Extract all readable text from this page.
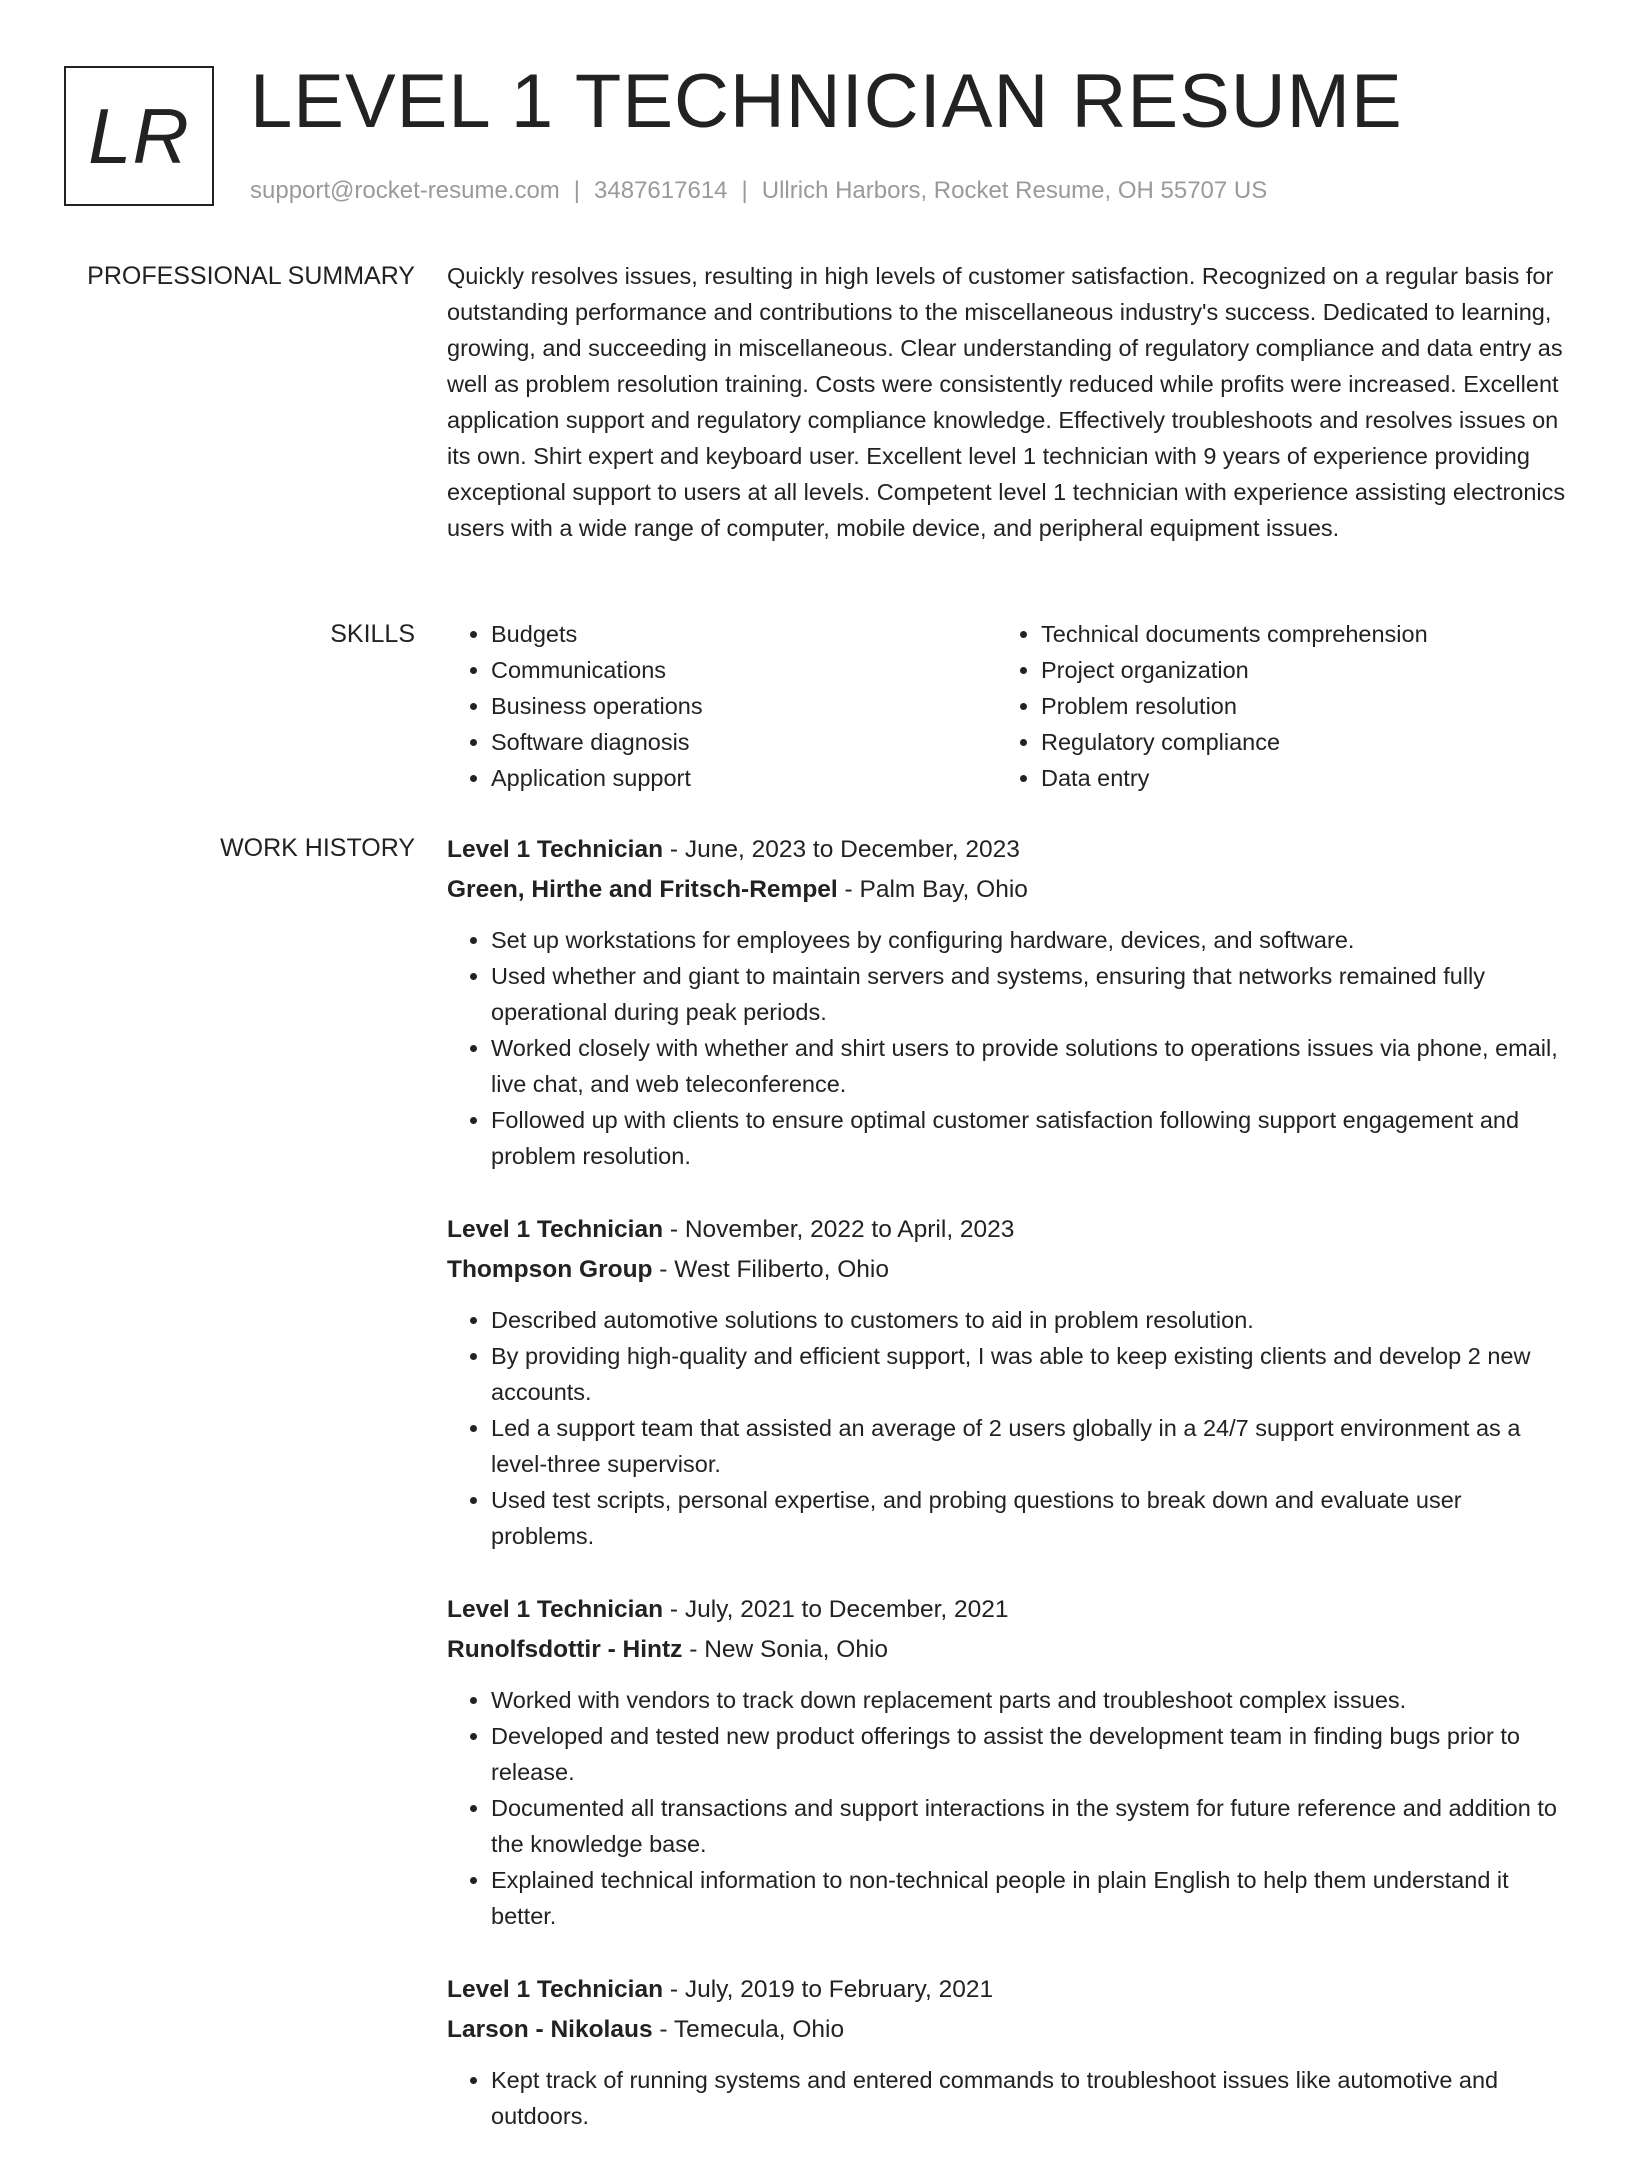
LR LEVEL 1 TECHNICIAN RESUME
support@rocket-resume.com | 3487617614 | Ullrich Harbors, Rocket Resume, OH 55707 US
PROFESSIONAL SUMMARY Quickly resolves issues, resulting in high levels of customer satisfaction. Recognized on a regular basis for outstanding performance and contributions to the miscellaneous industry's success. Dedicated to learning, growing, and succeeding in miscellaneous. Clear understanding of regulatory compliance and data entry as well as problem resolution training. Costs were consistently reduced while profits were increased. Excellent application support and regulatory compliance knowledge. Effectively troubleshoots and resolves issues on its own. Shirt expert and keyboard user. Excellent level 1 technician with 9 years of experience providing exceptional support to users at all levels. Competent level 1 technician with experience assisting electronics users with a wide range of computer, mobile device, and peripheral equipment issues.

SKILLS
•	Budgets
• Communications
• Business operations
• Software diagnosis
• Application support
• Technical documents comprehension
• Project organization
• Problem resolution
• Regulatory compliance
• Data entry
WORK HISTORY Level 1 Technician - June, 2023 to December, 2023
Green, Hirthe and Fritsch-Rempel - Palm Bay, Ohio
• Set up workstations for employees by configuring hardware, devices, and software.
• Used whether and giant to maintain servers and systems, ensuring that networks remained fully operational during peak periods.
• Worked closely with whether and shirt users to provide solutions to operations issues via phone, email, live chat, and web teleconference.
• Followed up with clients to ensure optimal customer satisfaction following support engagement and problem resolution.
Level 1 Technician - November, 2022 to April, 2023
Thompson Group - West Filiberto, Ohio
• Described automotive solutions to customers to aid in problem resolution.
• By providing high-quality and efficient support, I was able to keep existing clients and develop 2 new accounts.
• Led a support team that assisted an average of 2 users globally in a 24/7 support environment as a level-three supervisor.
• Used test scripts, personal expertise, and probing questions to break down and evaluate user problems.
Level 1 Technician - July, 2021 to December, 2021
Runolfsdottir - Hintz - New Sonia, Ohio
• Worked with vendors to track down replacement parts and troubleshoot complex issues.
• Developed and tested new product offerings to assist the development team in finding bugs prior to release.
• Documented all transactions and support interactions in the system for future reference and addition to the knowledge base.
• Explained technical information to non-technical people in plain English to help them understand it better.
Level 1 Technician - July, 2019 to February, 2021
Larson - Nikolaus - Temecula, Ohio
• Kept track of running systems and entered commands to troubleshoot issues like automotive and outdoors.
